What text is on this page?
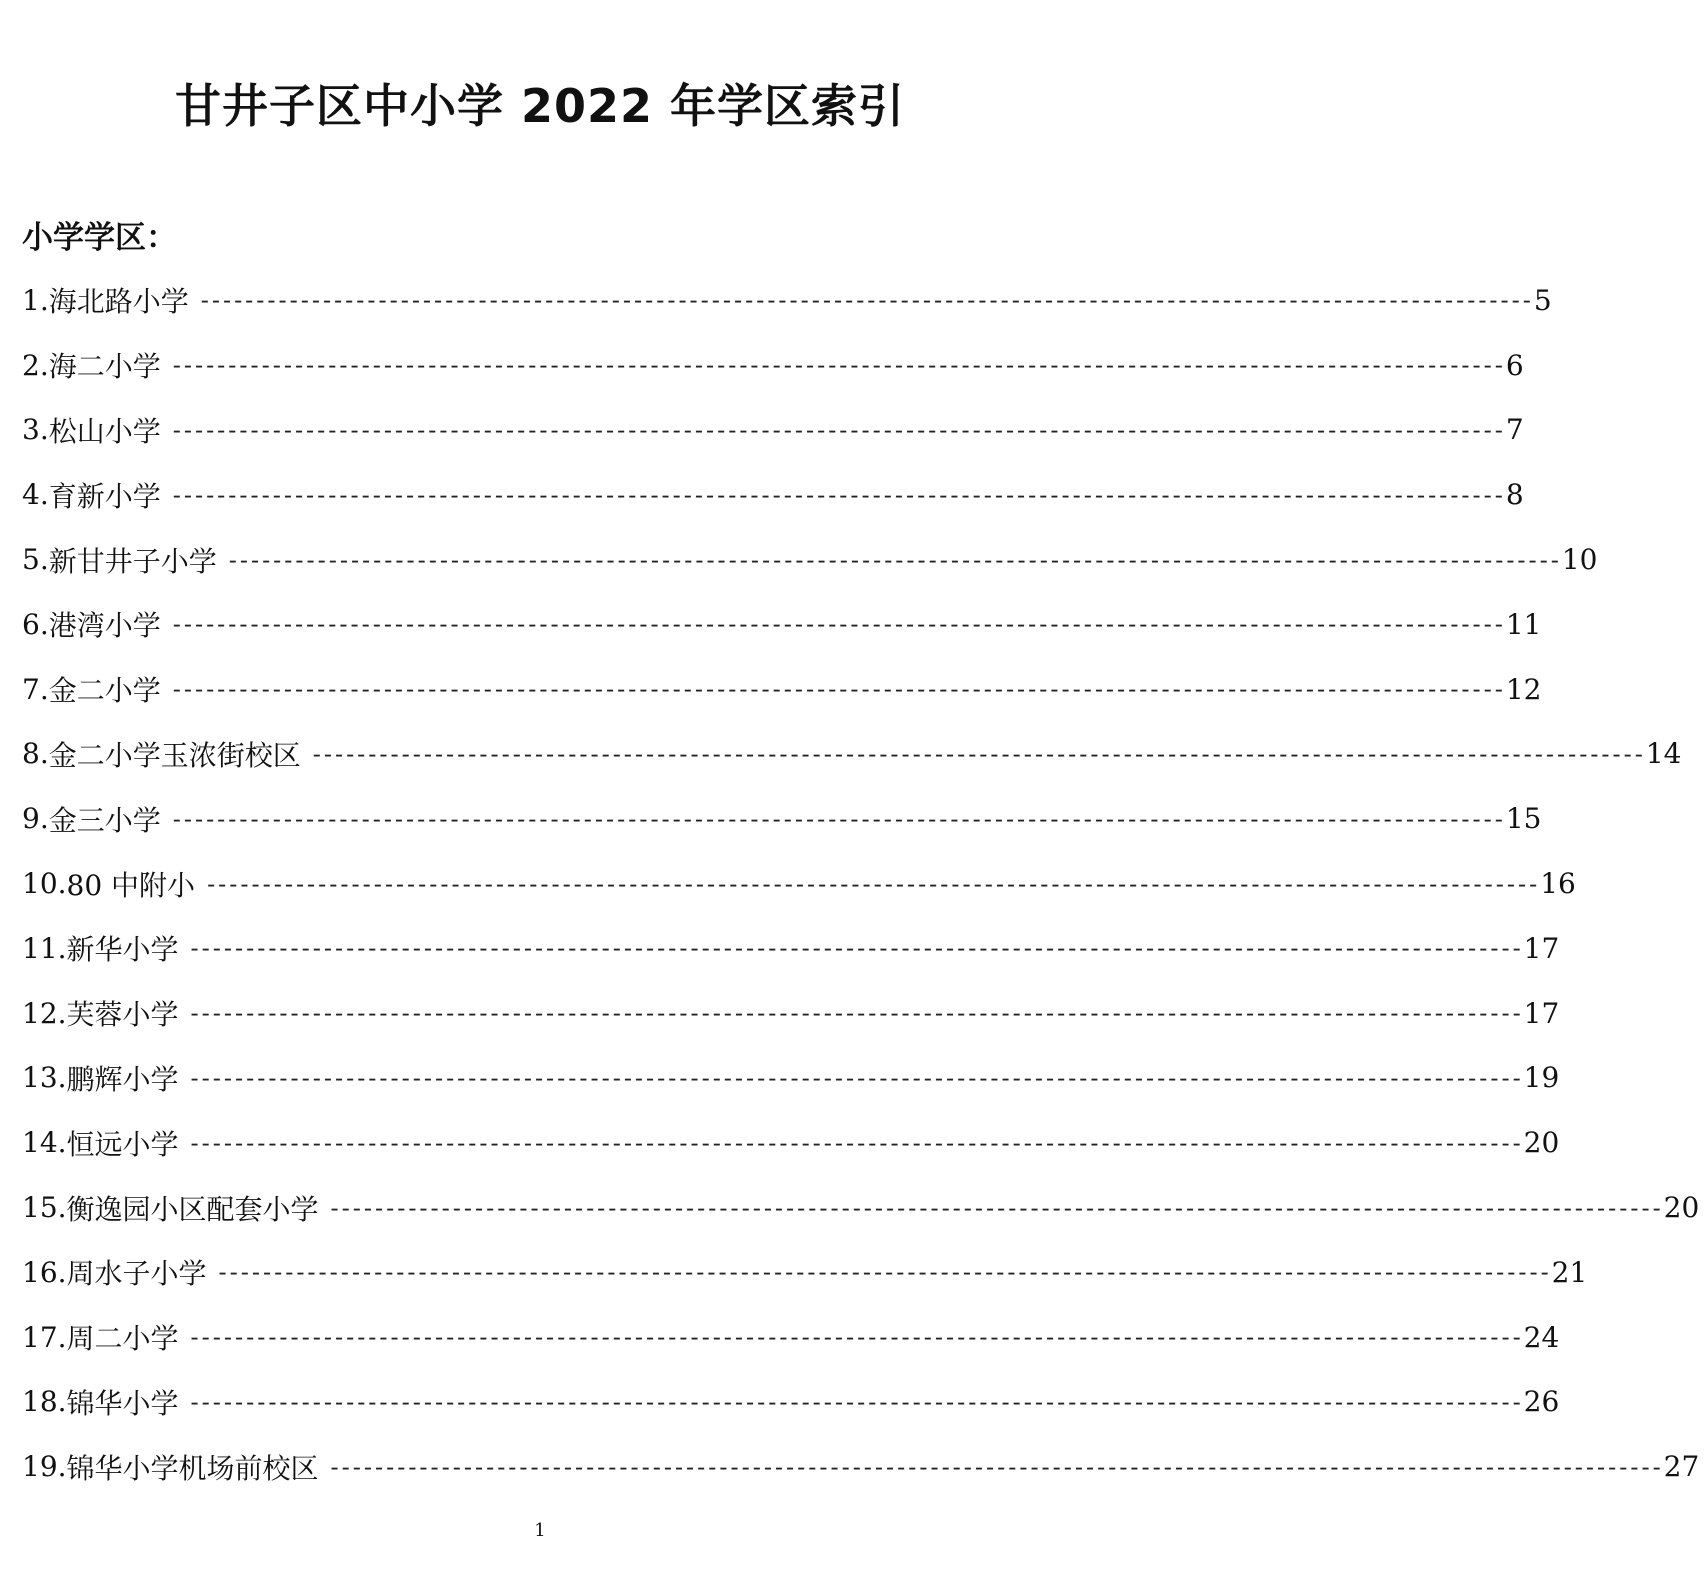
甘井子区中小学 2022 年学区索引
小学学区：
1. 海北路小学 ------------------------------------------------------------------------------------------------------------------------ 5
2. 海二小学 ------------------------------------------------------------------------------------------------------------------------ 6
3. 松山小学 ------------------------------------------------------------------------------------------------------------------------ 7
4. 育新小学 ------------------------------------------------------------------------------------------------------------------------ 8
5. 新甘井子小学 ------------------------------------------------------------------------------------------------------------------------ 10
6. 港湾小学 ------------------------------------------------------------------------------------------------------------------------ 11
7. 金二小学 ------------------------------------------------------------------------------------------------------------------------ 12
8. 金二小学玉浓街校区 ------------------------------------------------------------------------------------------------------------------------ 14
9. 金三小学 ------------------------------------------------------------------------------------------------------------------------ 15
10. 80 中附小 ------------------------------------------------------------------------------------------------------------------------ 16
11. 新华小学 ------------------------------------------------------------------------------------------------------------------------ 17
12. 芙蓉小学 ------------------------------------------------------------------------------------------------------------------------ 17
13. 鹏辉小学 ------------------------------------------------------------------------------------------------------------------------ 19
14. 恒远小学 ------------------------------------------------------------------------------------------------------------------------ 20
15. 衡逸园小区配套小学 ------------------------------------------------------------------------------------------------------------------------ 20
16. 周水子小学 ------------------------------------------------------------------------------------------------------------------------ 21
17. 周二小学 ------------------------------------------------------------------------------------------------------------------------ 24
18. 锦华小学 ------------------------------------------------------------------------------------------------------------------------ 26
19. 锦华小学机场前校区 ------------------------------------------------------------------------------------------------------------------------ 27
1
